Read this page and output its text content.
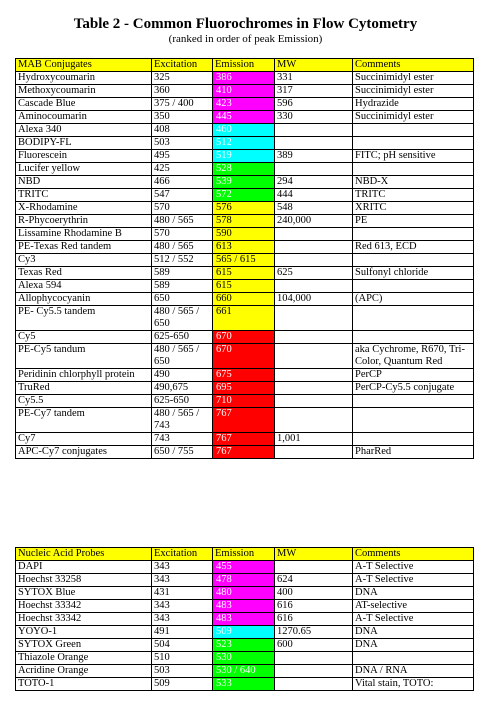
Table 2 - Common Fluorochromes in Flow Cytometry
(ranked in order of peak Emission)
MAB Conjugates	Excitation	Emission	MW	Comments
Hydroxycoumarin	325	386	331	Succinimidyl ester
Methoxycoumarin	360	410	317	Succinimidyl ester
Cascade Blue	375 / 400	423	596	Hydrazide
Aminocoumarin	350	445	330	Succinimidyl ester
Alexa 340	408	460		
BODIPY-FL	503	512		
Fluorescein	495	519	389	FITC; pH sensitive
Lucifer yellow	425	528		
NBD	466	539	294	NBD-X
TRITC	547	572	444	TRITC
X-Rhodamine	570	576	548	XRITC
R-Phycoerythrin	480 / 565	578	240,000	PE
Lissamine Rhodamine B	570	590		
PE-Texas Red tandem	480 / 565	613		Red 613, ECD
Cy3	512 / 552	565 / 615		
Texas Red	589	615	625	Sulfonyl chloride
Alexa 594	589	615		
Allophycocyanin	650	660	104,000	(APC)
PE- Cy5.5 tandem	480 / 565 / 650	661		
Cy5	625-650	670		
PE-Cy5 tandum	480 / 565 / 650	670		aka Cychrome, R670, Tri-Color, Quantum Red
Peridinin chlorphyll protein	490	675		PerCP
TruRed	490,675	695		PerCP-Cy5.5 conjugate
Cy5.5	625-650	710		
PE-Cy7 tandem	480 / 565 / 743	767		
Cy7	743	767	1,001	
APC-Cy7 conjugates	650 / 755	767		PharRed
Nucleic Acid Probes	Excitation	Emission	MW	Comments
DAPI	343	455		A-T Selective
Hoechst 33258	343	478	624	A-T Selective
SYTOX Blue	431	480	400	DNA
Hoechst 33342	343	483	616	AT-selective
Hoechst 33342	343	483	616	A-T Selective
YOYO-1	491	509	1270.65	DNA
SYTOX Green	504	523	600	DNA
Thiazole Orange	510	530		
Acridine Orange	503	530 / 640		DNA / RNA
TOTO-1	509	533		Vital stain, TOTO:
